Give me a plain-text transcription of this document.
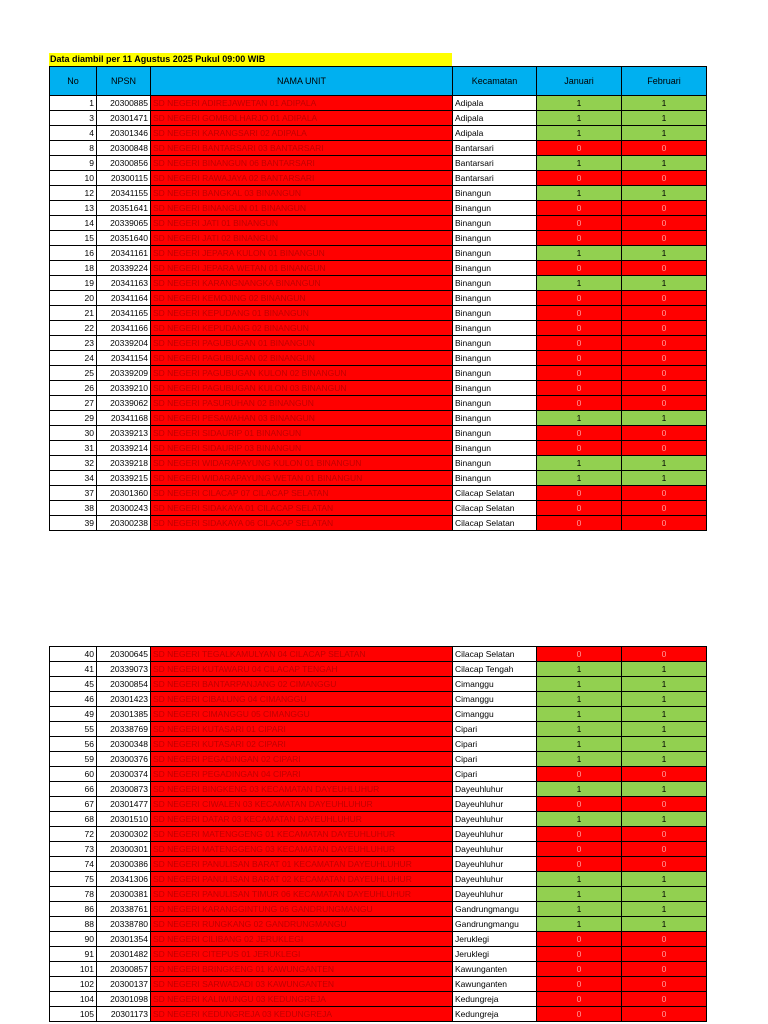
Data diambil per 11 Agustus 2025 Pukul 09:00 WIB
No	NPSN	NAMA UNIT	Kecamatan	Januari	Februari
1	20300885	SD NEGERI ADIREJAWETAN 01 ADIPALA	Adipala	1	1
3	20301471	SD NEGERI GOMBOLHARJO 01 ADIPALA	Adipala	1	1
4	20301346	SD NEGERI KARANGSARI 02 ADIPALA	Adipala	1	1
8	20300848	SD NEGERI BANTARSARI 03 BANTARSARI	Bantarsari	0	0
9	20300856	SD NEGERI BINANGUN 06 BANTARSARI	Bantarsari	1	1
10	20300115	SD NEGERI RAWAJAYA 02 BANTARSARI	Bantarsari	0	0
12	20341155	SD NEGERI BANGKAL 03 BINANGUN	Binangun	1	1
13	20351641	SD NEGERI BINANGUN 01 BINANGUN	Binangun	0	0
14	20339065	SD NEGERI JATI 01 BINANGUN	Binangun	0	0
15	20351640	SD NEGERI JATI 02 BINANGUN	Binangun	0	0
16	20341161	SD NEGERI JEPARA KULON 01 BINANGUN	Binangun	1	1
18	20339224	SD NEGERI JEPARA WETAN 01 BINANGUN	Binangun	0	0
19	20341163	SD NEGERI KARANGNANGKA BINANGUN	Binangun	1	1
20	20341164	SD NEGERI KEMOJING 02 BINANGUN	Binangun	0	0
21	20341165	SD NEGERI KEPUDANG 01 BINANGUN	Binangun	0	0
22	20341166	SD NEGERI KEPUDANG 02 BINANGUN	Binangun	0	0
23	20339204	SD NEGERI PAGUBUGAN 01 BINANGUN	Binangun	0	0
24	20341154	SD NEGERI PAGUBUGAN 02 BINANGUN	Binangun	0	0
25	20339209	SD NEGERI PAGUBUGAN KULON 02 BINANGUN	Binangun	0	0
26	20339210	SD NEGERI PAGUBUGAN KULON 03 BINANGUN	Binangun	0	0
27	20339062	SD NEGERI PASURUHAN 02 BINANGUN	Binangun	0	0
29	20341168	SD NEGERI PESAWAHAN 03 BINANGUN	Binangun	1	1
30	20339213	SD NEGERI SIDAURIP 01 BINANGUN	Binangun	0	0
31	20339214	SD NEGERI SIDAURIP 03 BINANGUN	Binangun	0	0
32	20339218	SD NEGERI WIDARAPAYUNG KULON 01 BINANGUN	Binangun	1	1
34	20339215	SD NEGERI WIDARAPAYUNG WETAN 01 BINANGUN	Binangun	1	1
37	20301360	SD NEGERI CILACAP 07 CILACAP SELATAN	Cilacap Selatan	0	0
38	20300243	SD NEGERI SIDAKAYA 01 CILACAP SELATAN	Cilacap Selatan	0	0
39	20300238	SD NEGERI SIDAKAYA 06 CILACAP SELATAN	Cilacap Selatan	0	0
40	20300645	SD NEGERI TEGALKAMULYAN 04 CILACAP SELATAN	Cilacap Selatan	0	0
41	20339073	SD NEGERI KUTAWARU 04 CILACAP TENGAH	Cilacap Tengah	1	1
45	20300854	SD NEGERI BANTARPANJANG 02 CIMANGGU	Cimanggu	1	1
46	20301423	SD NEGERI CIBALUNG 04 CIMANGGU	Cimanggu	1	1
49	20301385	SD NEGERI CIMANGGU 05 CIMANGGU	Cimanggu	1	1
55	20338769	SD NEGERI KUTASARI 01 CIPARI	Cipari	1	1
56	20300348	SD NEGERI KUTASARI 02 CIPARI	Cipari	1	1
59	20300376	SD NEGERI PEGADINGAN 02 CIPARI	Cipari	1	1
60	20300374	SD NEGERI PEGADINGAN 04 CIPARI	Cipari	0	0
66	20300873	SD NEGERI BINGKENG 03 KECAMATAN DAYEUHLUHUR	Dayeuhluhur	1	1
67	20301477	SD NEGERI CIWALEN 03 KECAMATAN DAYEUHLUHUR	Dayeuhluhur	0	0
68	20301510	SD NEGERI DATAR 03 KECAMATAN DAYEUHLUHUR	Dayeuhluhur	1	1
72	20300302	SD NEGERI MATENGGENG 01 KECAMATAN DAYEUHLUHUR	Dayeuhluhur	0	0
73	20300301	SD NEGERI MATENGGENG 03 KECAMATAN DAYEUHLUHUR	Dayeuhluhur	0	0
74	20300386	SD NEGERI PANULISAN BARAT 01 KECAMATAN DAYEUHLUHUR	Dayeuhluhur	0	0
75	20341306	SD NEGERI PANULISAN BARAT 02 KECAMATAN DAYEUHLUHUR	Dayeuhluhur	1	1
78	20300381	SD NEGERI PANULISAN TIMUR 06 KECAMATAN DAYEUHLUHUR	Dayeuhluhur	1	1
86	20338761	SD NEGERI KARANGGINTUNG 06 GANDRUNGMANGU	Gandrungmangu	1	1
88	20338780	SD NEGERI RUNGKANG 02 GANDRUNGMANGU	Gandrungmangu	1	1
90	20301354	SD NEGERI CILIBANG 02 JERUKLEGI	Jeruklegi	0	0
91	20301482	SD NEGERI CITEPUS 01 JERUKLEGI	Jeruklegi	0	0
101	20300857	SD NEGERI BRINGKENG 01 KAWUNGANTEN	Kawunganten	0	0
102	20300137	SD NEGERI SARWADADI 03 KAWUNGANTEN	Kawunganten	0	0
104	20301098	SD NEGERI KALIWUNGU 03 KEDUNGREJA	Kedungreja	0	0
105	20301173	SD NEGERI KEDUNGREJA 03 KEDUNGREJA	Kedungreja	0	0
